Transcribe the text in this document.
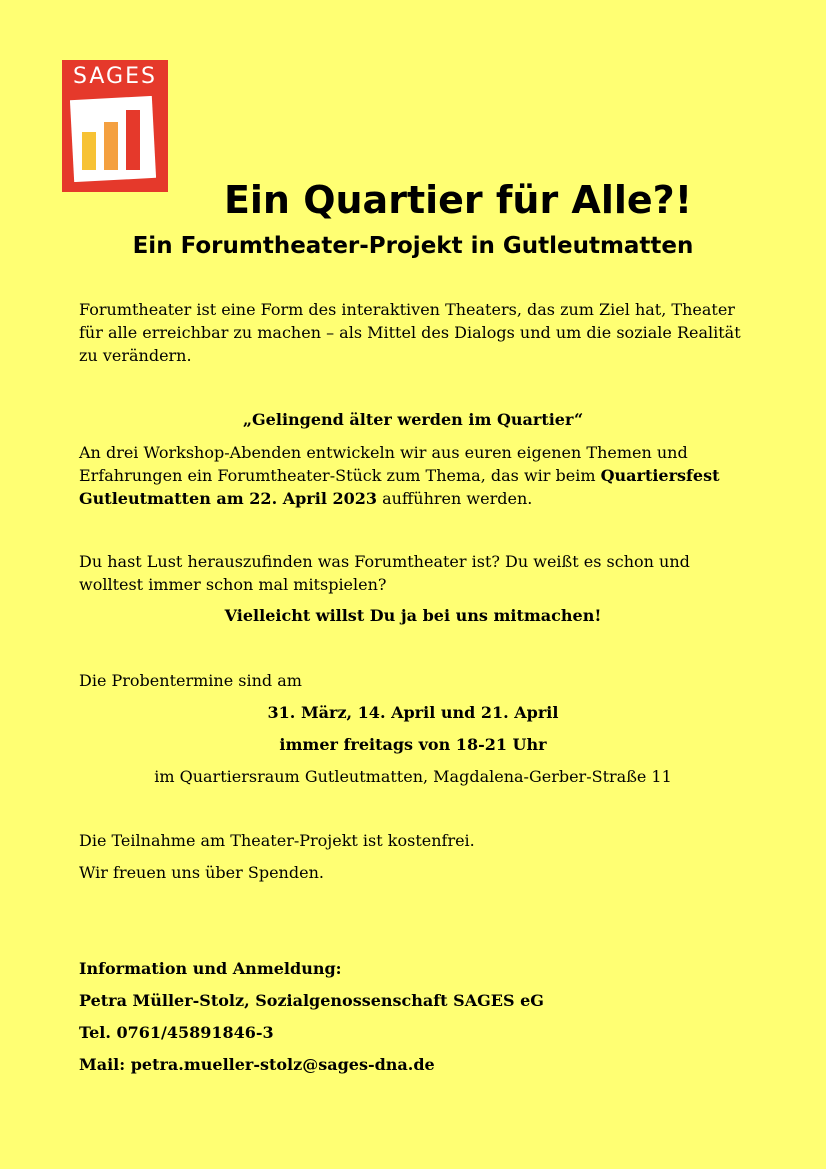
SAGES
Ein Quartier für Alle?!
Ein Forumtheater-Projekt in Gutleutmatten

Forumtheater ist eine Form des interaktiven Theaters, das zum Ziel hat, Theater für alle erreichbar zu machen – als Mittel des Dialogs und um die soziale Realität zu verändern.

„Gelingend älter werden im Quartier“

An drei Workshop-Abenden entwickeln wir aus euren eigenen Themen und Erfahrungen ein Forumtheater-Stück zum Thema, das wir beim Quartiersfest Gutleutmatten am 22. April 2023 aufführen werden.

Du hast Lust herauszufinden was Forumtheater ist? Du weißt es schon und wolltest immer schon mal mitspielen?

Vielleicht willst Du ja bei uns mitmachen!

Die Probentermine sind am

31. März, 14. April und 21. April

immer freitags von 18-21 Uhr

im Quartiersraum Gutleutmatten, Magdalena-Gerber-Straße 11

Die Teilnahme am Theater-Projekt ist kostenfrei.

Wir freuen uns über Spenden.

Information und Anmeldung:

Petra Müller-Stolz, Sozialgenossenschaft SAGES eG

Tel. 0761/45891846-3

Mail: petra.mueller-stolz@sages-dna.de
